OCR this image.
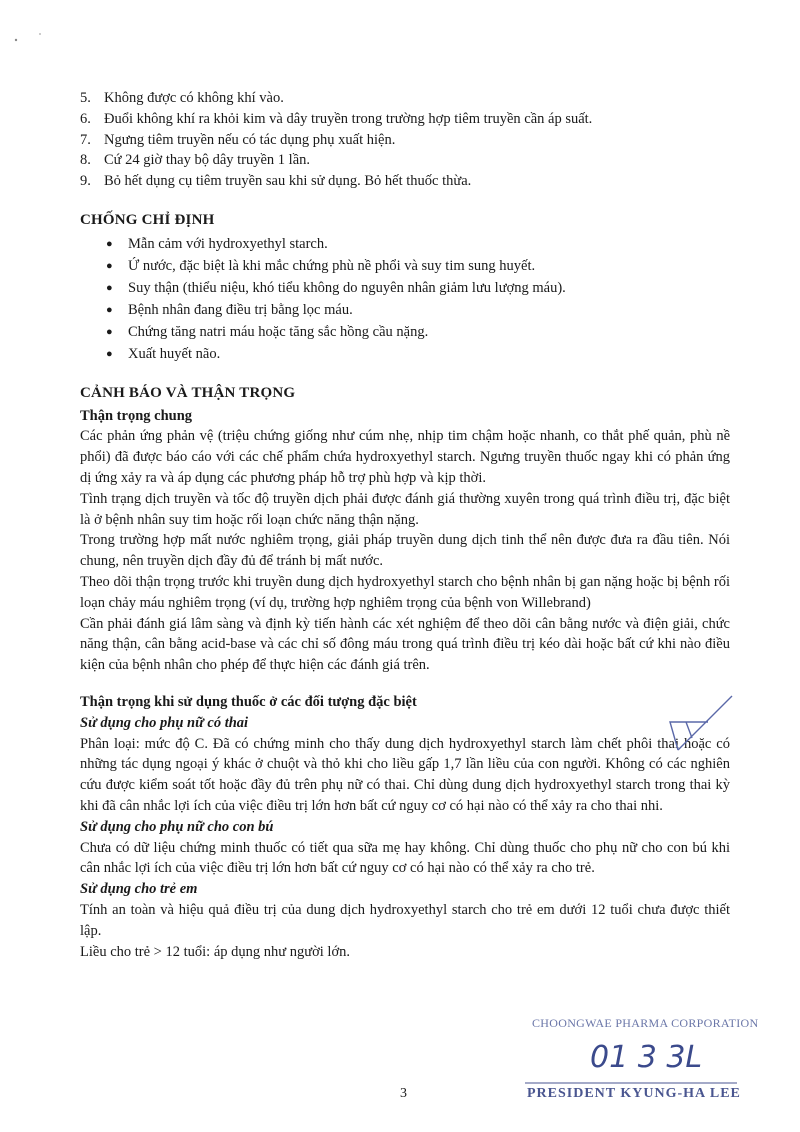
5. Không được có không khí vào.
6. Đuổi không khí ra khỏi kim và dây truyền trong trường hợp tiêm truyền cần áp suất.
7. Ngưng tiêm truyền nếu có tác dụng phụ xuất hiện.
8. Cứ 24 giờ thay bộ dây truyền 1 lần.
9. Bỏ hết dụng cụ tiêm truyền sau khi sử dụng. Bỏ hết thuốc thừa.
CHỐNG CHỈ ĐỊNH
●	Mẫn cảm với hydroxyethyl starch.
●	Ứ nước, đặc biệt là khi mắc chứng phù nề phổi và suy tim sung huyết.
●	Suy thận (thiểu niệu, khó tiểu không do nguyên nhân giảm lưu lượng máu).
●	Bệnh nhân đang điều trị bằng lọc máu.
●	Chứng tăng natri máu hoặc tăng sắc hồng cầu nặng.
●	Xuất huyết não.
CẢNH BÁO VÀ THẬN TRỌNG
Thận trọng chung

Các phản ứng phản vệ (triệu chứng giống như cúm nhẹ, nhịp tim chậm hoặc nhanh, co thắt phế quản, phù nề phổi) đã được báo cáo với các chế phẩm chứa hydroxyethyl starch. Ngưng truyền thuốc ngay khi có phản ứng dị ứng xảy ra và áp dụng các phương pháp hỗ trợ phù hợp và kịp thời.

Tình trạng dịch truyền và tốc độ truyền dịch phải được đánh giá thường xuyên trong quá trình điều trị, đặc biệt là ở bệnh nhân suy tim hoặc rối loạn chức năng thận nặng.

Trong trường hợp mất nước nghiêm trọng, giải pháp truyền dung dịch tinh thể nên được đưa ra đầu tiên. Nói chung, nên truyền dịch đầy đủ để tránh bị mất nước.

Theo dõi thận trọng trước khi truyền dung dịch hydroxyethyl starch cho bệnh nhân bị gan nặng hoặc bị bệnh rối loạn chảy máu nghiêm trọng (ví dụ, trường hợp nghiêm trọng của bệnh von Willebrand)

Cần phải đánh giá lâm sàng và định kỳ tiến hành các xét nghiệm để theo dõi cân bằng nước và điện giải, chức năng thận, cân bằng acid-base và các chỉ số đông máu trong quá trình điều trị kéo dài hoặc bất cứ khi nào điều kiện của bệnh nhân cho phép để thực hiện các đánh giá trên.

Thận trọng khi sử dụng thuốc ở các đối tượng đặc biệt
Sử dụng cho phụ nữ có thai

Phân loại: mức độ C. Đã có chứng minh cho thấy dung dịch hydroxyethyl starch làm chết phôi thai hoặc có những tác dụng ngoại ý khác ở chuột và thỏ khi cho liều gấp 1,7 lần liều của con người. Không có các nghiên cứu được kiểm soát tốt hoặc đầy đủ trên phụ nữ có thai. Chỉ dùng dung dịch hydroxyethyl starch trong thai kỳ khi đã cân nhắc lợi ích của việc điều trị lớn hơn bất cứ nguy cơ có hại nào có thể xảy ra cho thai nhi.

Sử dụng cho phụ nữ cho con bú

Chưa có dữ liệu chứng minh thuốc có tiết qua sữa mẹ hay không. Chỉ dùng thuốc cho phụ nữ cho con bú khi cân nhắc lợi ích của việc điều trị lớn hơn bất cứ nguy cơ có hại nào có thể xảy ra cho trẻ.

Sử dụng cho trẻ em

Tính an toàn và hiệu quả điều trị của dung dịch hydroxyethyl starch cho trẻ em dưới 12 tuổi chưa được thiết lập.

Liều cho trẻ > 12 tuổi: áp dụng như người lớn.

CHOONGWAE PHARMA CORPORATION
01 3 3L
PRESIDENT KYUNG-HA LEE
3
